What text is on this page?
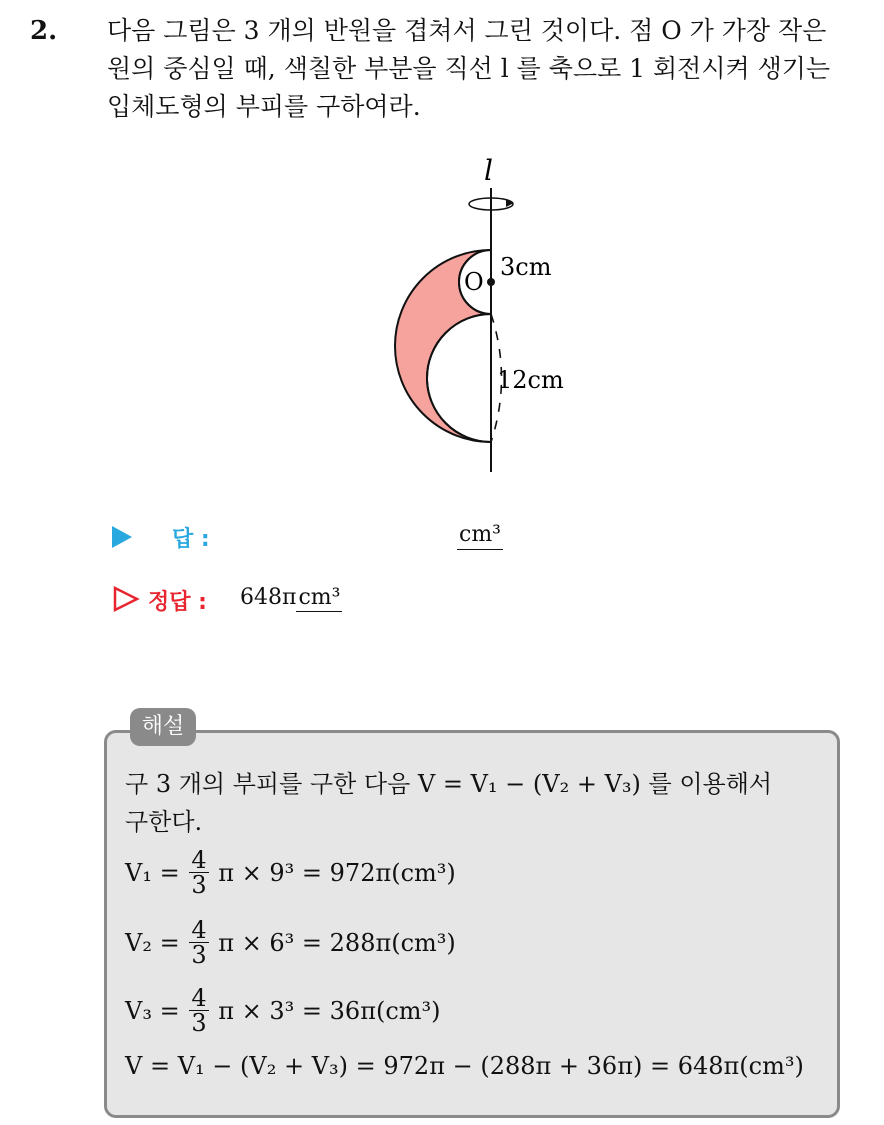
2. 다음 그림은 3 개의 반원을 겹쳐서 그린 것이다. 점 O 가 가장 작은
원의 중심일 때, 색칠한 부분을 직선 l 를 축으로 1 회전시켜 생기는
입체도형의 부피를 구하여라.
l
O
3cm
12cm
답 :	cm³
정답 : 648πcm³
해설
구 3 개의 부피를 구한 다음 V = V₁ − (V₂ + V₃) 를 이용해서
구한다.
$V_1 = \frac{4}{3}$ π × 9³ = 972π(cm³)
$V_2 = \frac{4}{3}$ π × 6³ = 288π(cm³)
$V_3 = \frac{4}{3}$ π × 3³ = 36π(cm³)
V = V₁ − (V₂ + V₃) = 972π − (288π + 36π) = 648π(cm³)
